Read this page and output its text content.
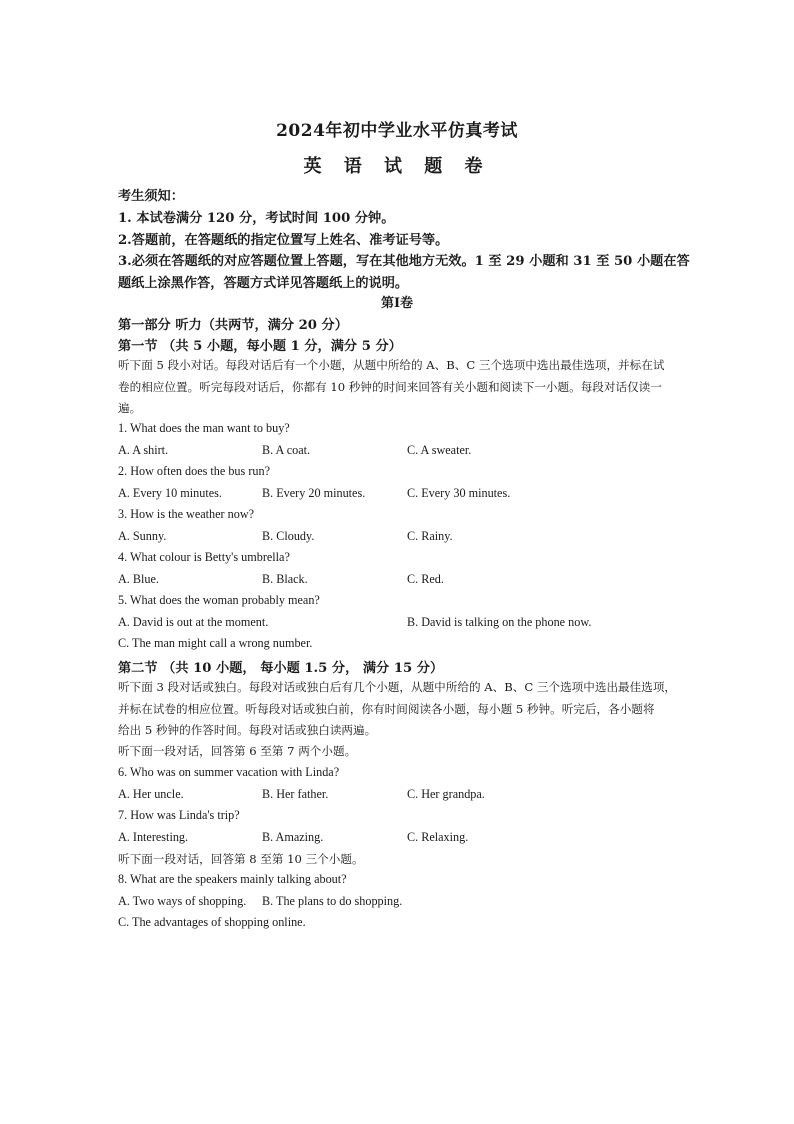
2024年初中学业水平仿真考试
英 语 试 题 卷
考生须知：
1. 本试卷满分 120 分，考试时间 100 分钟。
2.答题前，在答题纸的指定位置写上姓名、准考证号等。
3.必须在答题纸的对应答题位置上答题，写在其他地方无效。1 至 29 小题和 31 至 50 小题在答
题纸上涂黑作答，答题方式详见答题纸上的说明。
第Ⅰ卷
第一部分 听力（共两节，满分 20 分）
第一节 （共 5 小题，每小题 1 分，满分 5 分）
听下面 5 段小对话。每段对话后有一个小题，从题中所给的 A、B、C 三个选项中选出最佳选项，并标在试
卷的相应位置。听完每段对话后，你都有 10 秒钟的时间来回答有关小题和阅读下一小题。每段对话仅读一
遍。
1. What does the man want to buy?
A. A shirt.	B. A coat.	C. A sweater.
2. How often does the bus run?
A. Every 10 minutes.	B. Every 20 minutes.	C. Every 30 minutes.
3. How is the weather now?
A. Sunny.	B. Cloudy.	C. Rainy.
4. What colour is Betty's umbrella?
A. Blue.	B. Black.	C. Red.
5. What does the woman probably mean?
A. David is out at the moment.	B. David is talking on the phone now.
C. The man might call a wrong number.
第二节 （共 10 小题， 每小题 1.5 分， 满分 15 分）
听下面 3 段对话或独白。每段对话或独白后有几个小题，从题中所给的 A、B、C 三个选项中选出最佳选项，
并标在试卷的相应位置。听每段对话或独白前，你有时间阅读各小题，每小题 5 秒钟。听完后，各小题将
给出 5 秒钟的作答时间。每段对话或独白读两遍。
听下面一段对话，回答第 6 至第 7 两个小题。
6. Who was on summer vacation with Linda?
A. Her uncle.	B. Her father.	C. Her grandpa.
7. How was Linda's trip?
A. Interesting.	B. Amazing.	C. Relaxing.
听下面一段对话，回答第 8 至第 10 三个小题。
8. What are the speakers mainly talking about?
A. Two ways of shopping. B. The plans to do shopping.
C. The advantages of shopping online.
